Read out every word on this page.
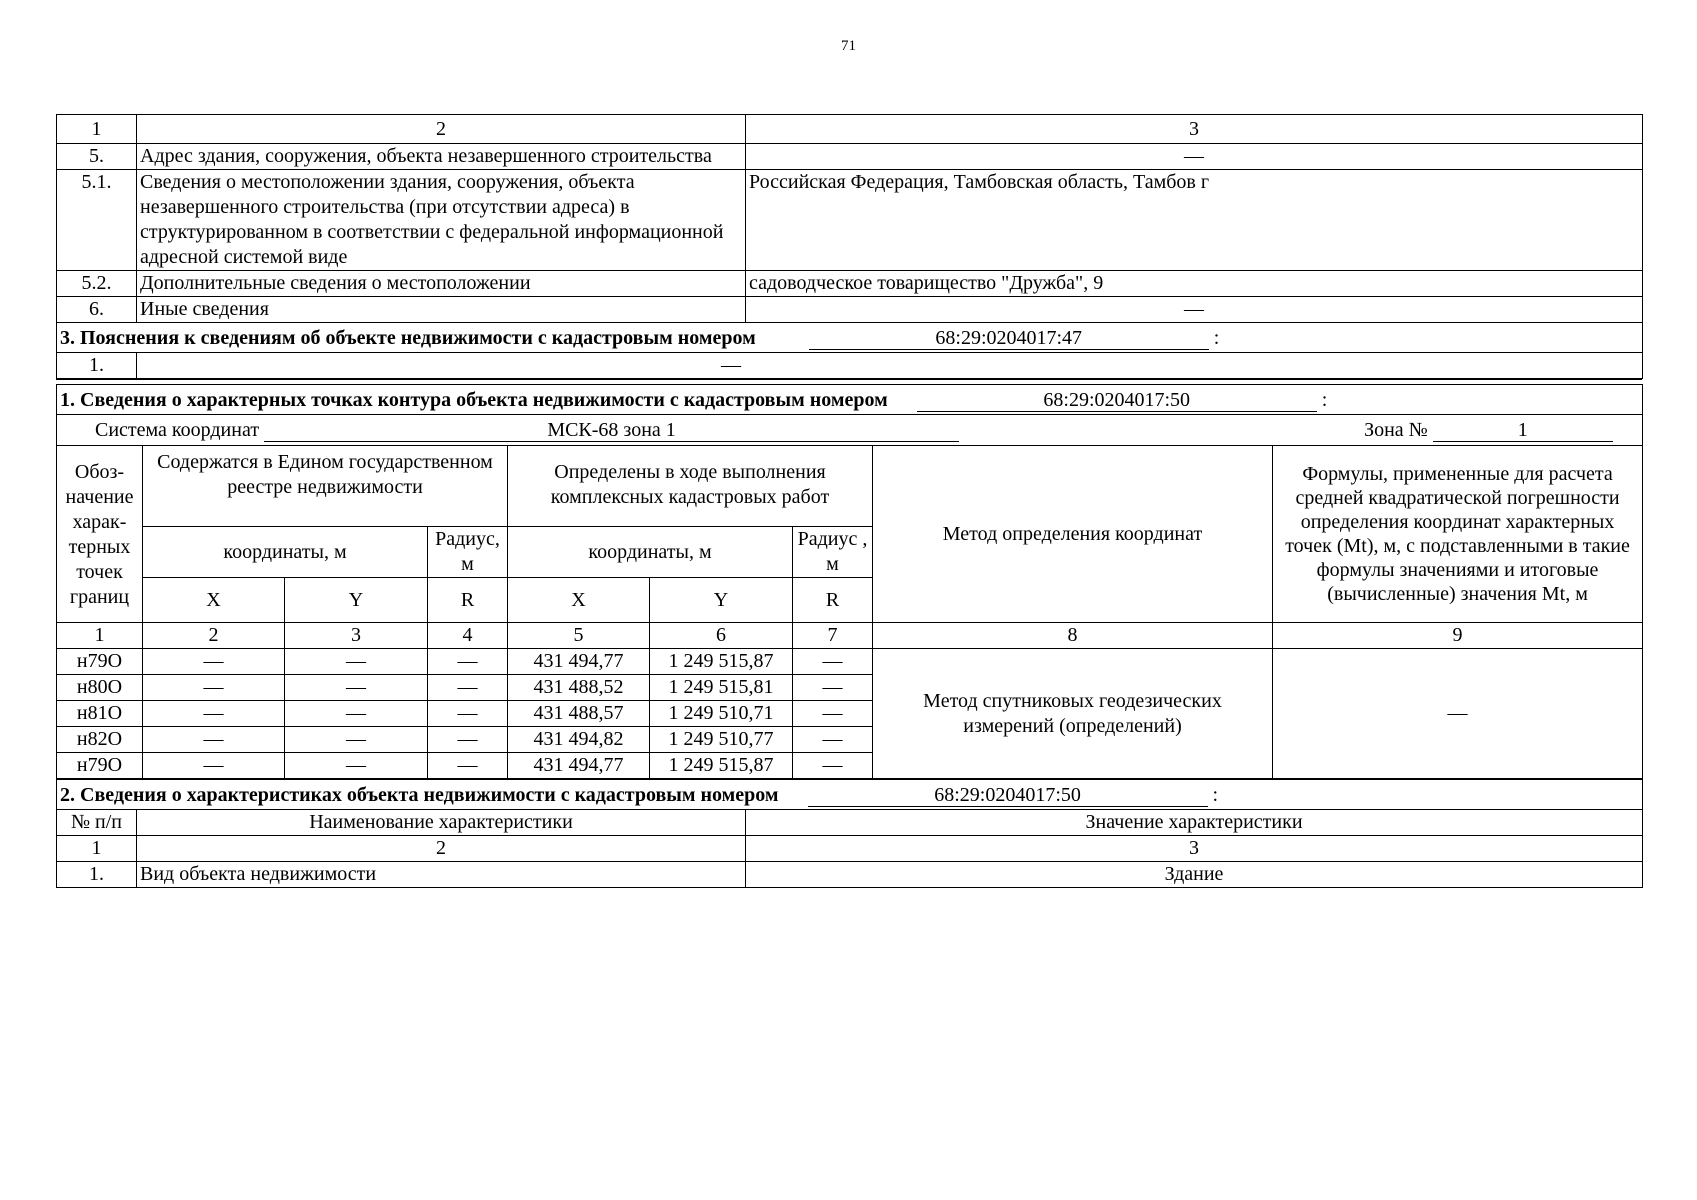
71
1	2	3
5.	Адрес здания, сооружения, объекта незавершенного строительства	—
5.1.	Сведения о местоположении здания, сооружения, объекта незавершенного строительства (при отсутствии адреса) в структурированном в соответствии с федеральной информационной адресной системой виде	Российская Федерация, Тамбовская область, Тамбов г
5.2.	Дополнительные сведения о местоположении	садоводческое товарищество "Дружба", 9
6.	Иные сведения	—
3. Пояснения к сведениям об объекте недвижимости с кадастровым номером 68:29:0204017:47 :		
1.	—	
1. Сведения о характерных точках контура объекта недвижимости с кадастровым номером 68:29:0204017:50 :								
Система координат МСК-68 зона 1 Зона № 1								
Обоз-начение харак-терных точек границ	Содержатся в Едином государственном реестре недвижимости			Определены в ходе выполнения комплексных кадастровых работ			Метод определения координат	Формулы, примененные для расчета средней квадратической погрешности определения координат характерных точек (Mt), м, с подставленными в такие формулы значениями и итоговые (вычисленные) значения Mt, м
	координаты, м		Радиус, м	координаты, м		Радиус , м		
	X	Y	R	X	Y	R		
1	2	3	4	5	6	7	8	9
н79О	—	—	—	431 494,77	1 249 515,87	—	Метод спутниковых геодезических измерений (определений)	—
н80О	—	—	—	431 488,52	1 249 515,81	—		
н81О	—	—	—	431 488,57	1 249 510,71	—		
н82О	—	—	—	431 494,82	1 249 510,77	—		
н79О	—	—	—	431 494,77	1 249 515,87	—		
2. Сведения о характеристиках объекта недвижимости с кадастровым номером 68:29:0204017:50 :		
№ п/п	Наименование характеристики	Значение характеристики
1	2	3
1.	Вид объекта недвижимости	Здание
